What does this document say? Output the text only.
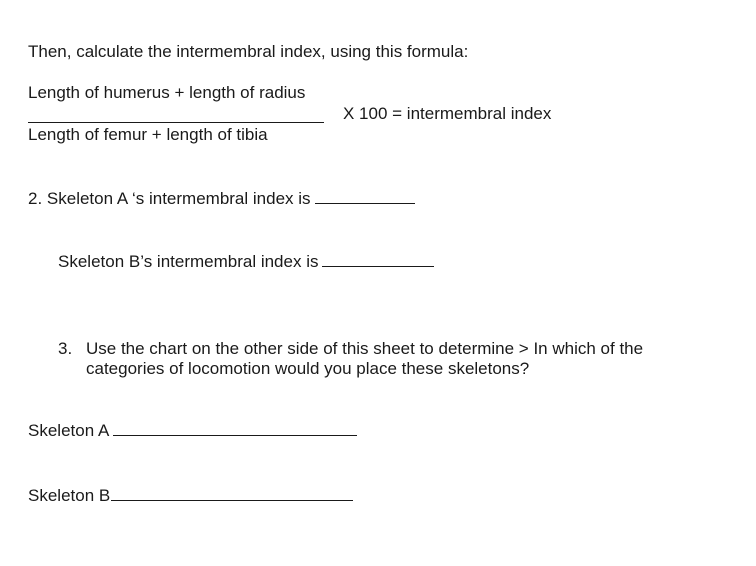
Then, calculate the intermembral index, using this formula:
Length of humerus + length of radius
X 100 = intermembral index
Length of femur + length of tibia
2. Skeleton A ‘s intermembral index is
Skeleton B’s intermembral index is
3. Use the chart on the other side of this sheet to determine > In which of the
categories of locomotion would you place these skeletons?
Skeleton A
Skeleton B
